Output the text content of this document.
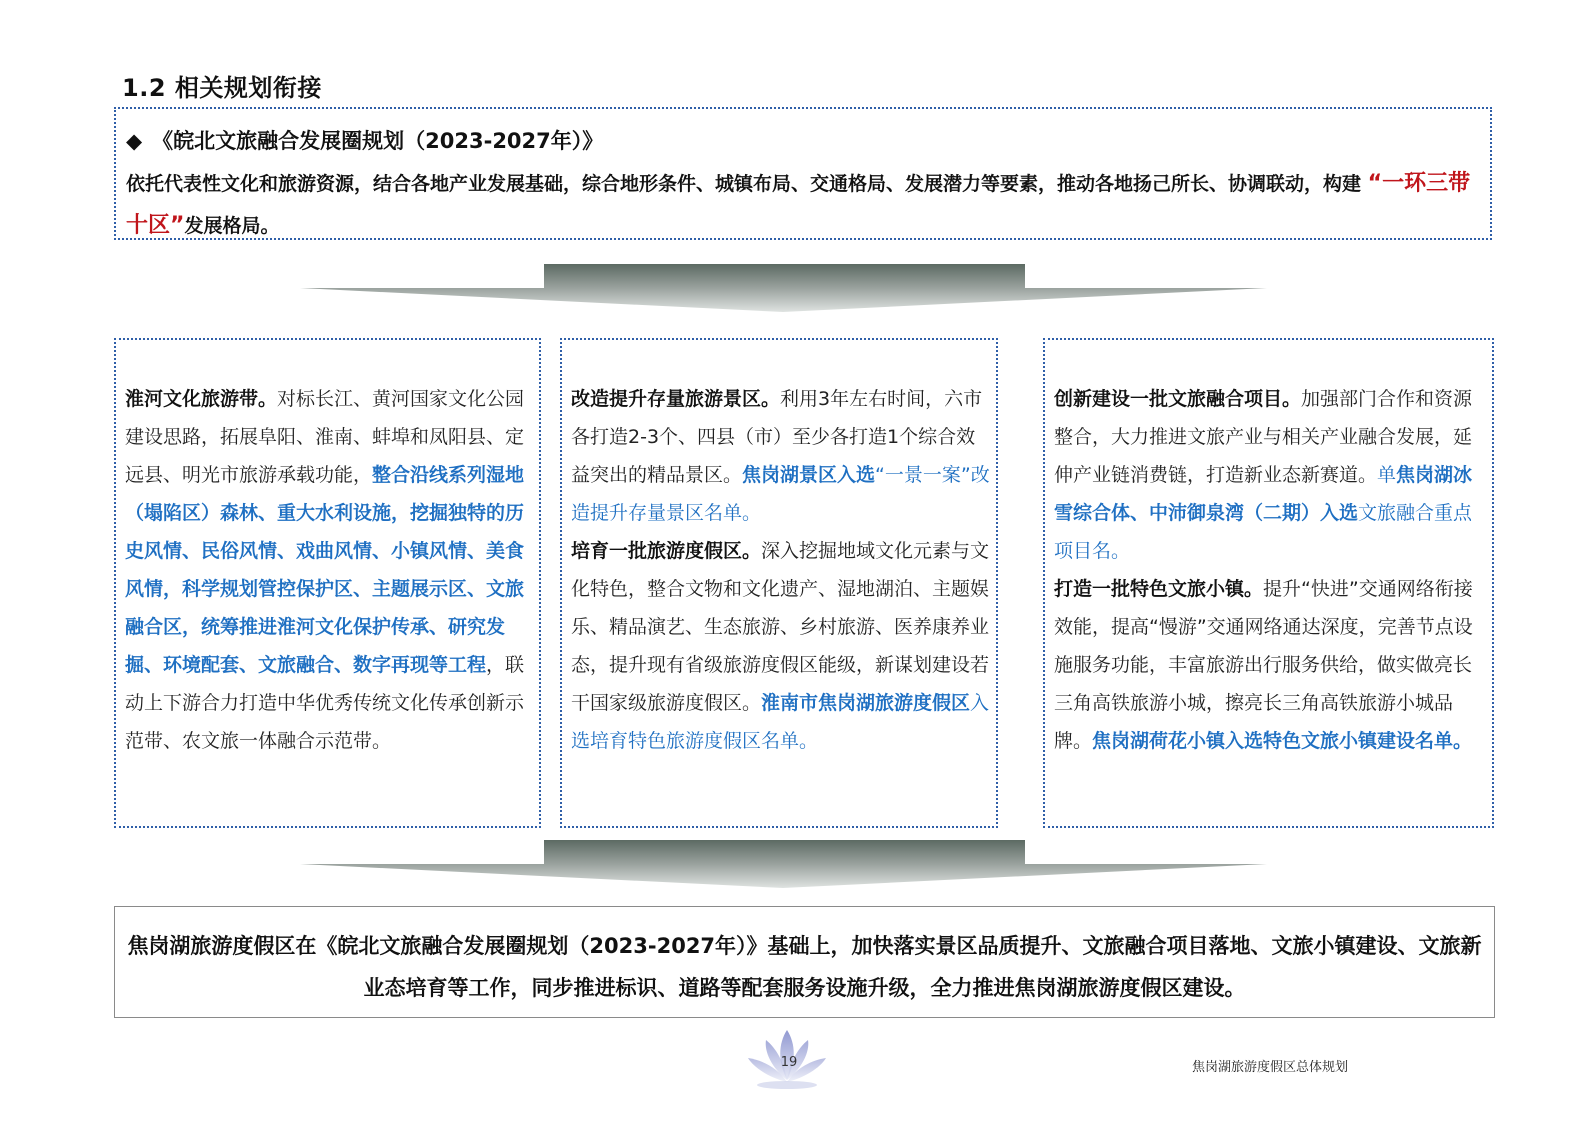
1.2 相关规划衔接
◆ 《皖北文旅融合发展圈规划（2023-2027年）》
依托代表性文化和旅游资源，结合各地产业发展基础，综合地形条件、城镇布局、交通格局、发展潜力等要素，推动各地扬己所长、协调联动，构建 “一环三带十区”发展格局。
淮河文化旅游带。对标长江、黄河国家文化公园建设思路，拓展阜阳、淮南、蚌埠和凤阳县、定远县、明光市旅游承载功能，整合沿线系列湿地（塌陷区）森林、重大水利设施，挖掘独特的历史风情、民俗风情、戏曲风情、小镇风情、美食风情，科学规划管控保护区、主题展示区、文旅融合区，统筹推进淮河文化保护传承、研究发掘、环境配套、文旅融合、数字再现等工程，联动上下游合力打造中华优秀传统文化传承创新示范带、农文旅一体融合示范带。
改造提升存量旅游景区。利用3年左右时间，六市各打造2-3个、四县（市）至少各打造1个综合效益突出的精品景区。焦岗湖景区入选“一景一案”改造提升存量景区名单。
培育一批旅游度假区。深入挖掘地域文化元素与文化特色，整合文物和文化遗产、湿地湖泊、主题娱乐、精品演艺、生态旅游、乡村旅游、医养康养业态，提升现有省级旅游度假区能级，新谋划建设若干国家级旅游度假区。淮南市焦岗湖旅游度假区入选培育特色旅游度假区名单。
创新建设一批文旅融合项目。加强部门合作和资源整合，大力推进文旅产业与相关产业融合发展，延伸产业链消费链，打造新业态新赛道。单焦岗湖冰雪综合体、中沛御泉湾（二期）入选文旅融合重点项目名。
打造一批特色文旅小镇。提升“快进”交通网络衔接效能，提高“慢游”交通网络通达深度，完善节点设施服务功能，丰富旅游出行服务供给，做实做亮长三角高铁旅游小城，擦亮长三角高铁旅游小城品牌。焦岗湖荷花小镇入选特色文旅小镇建设名单。
焦岗湖旅游度假区在《皖北文旅融合发展圈规划（2023-2027年）》基础上，加快落实景区品质提升、文旅融合项目落地、文旅小镇建设、文旅新业态培育等工作，同步推进标识、道路等配套服务设施升级，全力推进焦岗湖旅游度假区建设。
19	焦岗湖旅游度假区总体规划
